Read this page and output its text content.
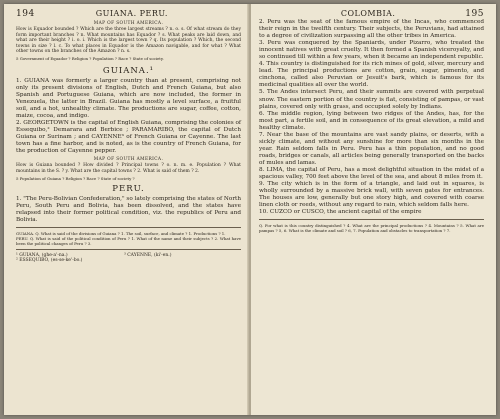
194	GUIANA. PERU.
MAP OF SOUTH AMERICA.

How is Equador bounded ? Which are the three largest streams ? n. o. s. Of what stream do they form important branches ? n. What mountains has Equador ? s. What peaks are laid down, and what are their height ? i. o. i. Which is the largest town ? q. Its population ? Which, the second towns in size ? l. c. To what places in Equador is the Amazon navigable, and for what ? What other towns on the branches of the Amazon ? n. s.

5 Government of Equador ? Religion ? Population ? Race ? State of society.
GUIANA.¹

1. GUIANA was formerly a larger country than at present, comprising not only its present divisions of English, Dutch and French Guiana, but also Spanish and Portuguese Guiana, which are now included, the former in Venezuela, the latter in Brazil. Guiana has mostly a level surface, a fruitful soil, and a hot, unhealthy climate. The productions are sugar, coffee, cotton, maize, cocoa, and indigo.

2. GEORGETOWN is the capital of English Guiana, comprising the colonies of Essequibo,² Demarara and Berbice ; PARAMARIBO, the capital of Dutch Guiana or Surinam ; and CAYENNE³ of French Guiana or Cayenne. The last town has a fine harbor, and is noted, as is the country of French Guiana, for the production of Cayenne pepper.

MAP OF SOUTH AMERICA.

How is Guiana bounded ? How divided ? Principal towns ? o. n. m. e. Population ? What mountains in the S. ? y. What are the capital towns ? 2. What is said of them ? 2.

5 Population of Guiana ? Religion ? Race ? State of society ?
PERU.

1. "The Peru-Bolivian Confederation," so lately comprising the states of North Peru, South Peru and Bolivia, has been dissolved, and the states have relapsed into their former political condition, viz. the republics of Peru and Bolivia.

GUIANA. Q. What is said of the divisions of Guiana ? 1. The soil, surface, and climate ? 1. Productions ? 1.
PERU. Q. What is said of the political condition of Peru ? 1. What of the name and their subjects ? 2. What have been the political changes of Peru ? 3.
¹ GUIANA, (ghe-a'-na.)	³ CAYENNE, (ki'-en.)
² ESSEQUIBO, (es-se-ke'-bo.)
COLOMBIA.	195

2. Peru was the seat of the famous empire of the Incas, who commenced their reign in the twelfth century. Their subjects, the Peruvians, had attained to a degree of civilization surpassing all the other tribes in America.

3. Peru was conquered by the Spaniards, under Pizarro, who treated the innocent natives with great cruelty. It then formed a Spanish viceroyalty, and so continued till within a few years, when it became an independent republic.

4. This country is distinguished for its rich mines of gold, silver, mercury and lead. The principal productions are cotton, grain, sugar, pimento, and cinchona, called also Peruvian or Jesuit's bark, which is famous for its medicinal qualities all over the world.

5. The Andes intersect Peru, and their summits are covered with perpetual snow. The eastern portion of the country is flat, consisting of pampas, or vast plains, covered only with grass, and occupied solely by Indians.

6. The middle region, lying between two ridges of the Andes, has, for the most part, a fertile soil, and in consequence of its great elevation, a mild and healthy climate.

7. Near the base of the mountains are vast sandy plains, or deserts, with a sickly climate, and without any sunshine for more than six months in the year. Rain seldom falls in Peru. Peru has a thin population, and no good roads, bridges or canals, all articles being generally transported on the backs of mules and lamas.

8. LIMA, the capital of Peru, has a most delightful situation in the midst of a spacious valley, 700 feet above the level of the sea, and about 8 miles from it.

9. The city which is in the form of a triangle, and laid out in squares, is wholly surrounded by a massive brick wall, with seven gates for entrances. The houses are low, generally but one story high, and covered with coarse linen cloth or reeds, without any regard to rain, which seldom falls here.

10. CUZCO or CUSCO, the ancient capital of the empire

Q. For what is this country distinguished ? 4. What are the principal productions ? 4. Mountains ? 5. What are pampas ? 5, 6. What is the climate and soil ? 6, 7. Population and obstacles to transportation ? 7.
